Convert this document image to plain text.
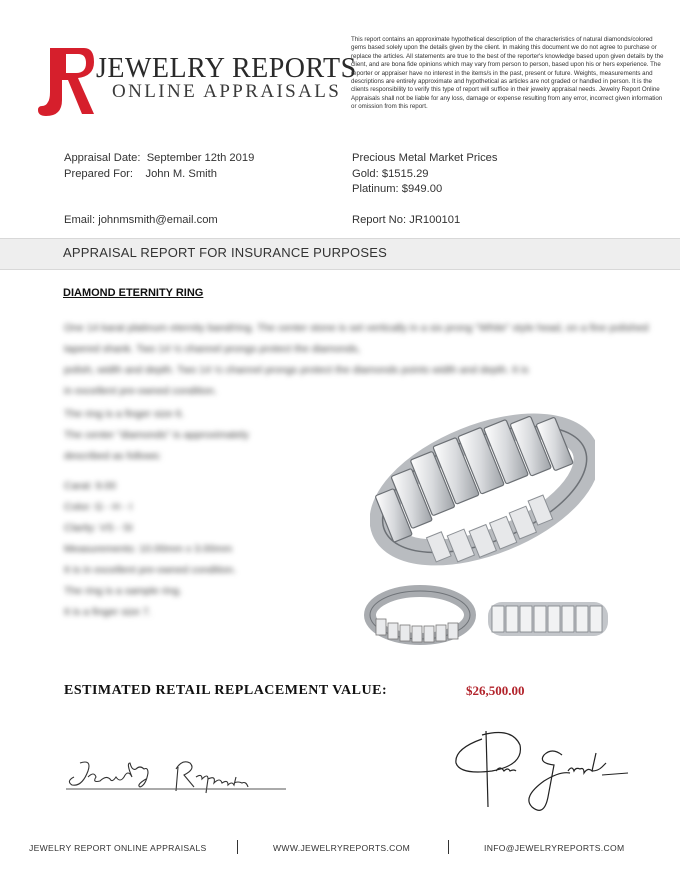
JEWELRY REPORTS
ONLINE APPRAISALS
This report contains an approximate hypothetical description of the characteristics of natural diamonds/colored gems based solely upon the details given by the client. In making this document we do not agree to purchase or replace the articles. All statements are true to the best of the reporter's knowledge based upon given details by the client, and are bona fide opinions which may vary from person to person, based upon his or hers experience. The reporter or appraiser have no interest in the items/s in the past, present or future. Weights, measurements and descriptions are entirely approximate and hypothetical as articles are not graded or handled in person. It is the clients responsibility to verify this type of report will suffice in their jewelry appraisal needs. Jewelry Report Online Appraisals shall not be liable for any loss, damage or expense resulting from any error, incorrect given information or omission from this report.
Appraisal Date: September 12th 2019
Prepared For: John M. Smith
Email: johnmsmith@email.com
Precious Metal Market Prices
Gold: $1515.29
Platinum: $949.00
Report No: JR100101
APPRAISAL REPORT FOR INSURANCE PURPOSES
DIAMOND ETERNITY RING
One 14 karat platinum eternity band/ring. The center stone is set vertically in a six prong "White" style head, on a fine polished tapered shank. Two 14 ½ channel prongs protect the diamonds,
polish, width and depth. Two 14 ½ channel prongs protect the diamonds points width and depth. It is
in excellent pre-owned condition.
The ring is a finger size 6.
The center "diamonds" is approximately
described as follows:
Carat: 9.00
Color: G - H - I
Clarity: VS - SI
Measurements: 10.00mm x 3.00mm
It is in excellent pre-owned condition.
The ring is a sample ring.
It is a finger size 7.
ESTIMATED RETAIL REPLACEMENT VALUE:	$26,500.00
JEWELRY REPORT ONLINE APPRAISALS	WWW.JEWELRYREPORTS.COM	INFO@JEWELRYREPORTS.COM
